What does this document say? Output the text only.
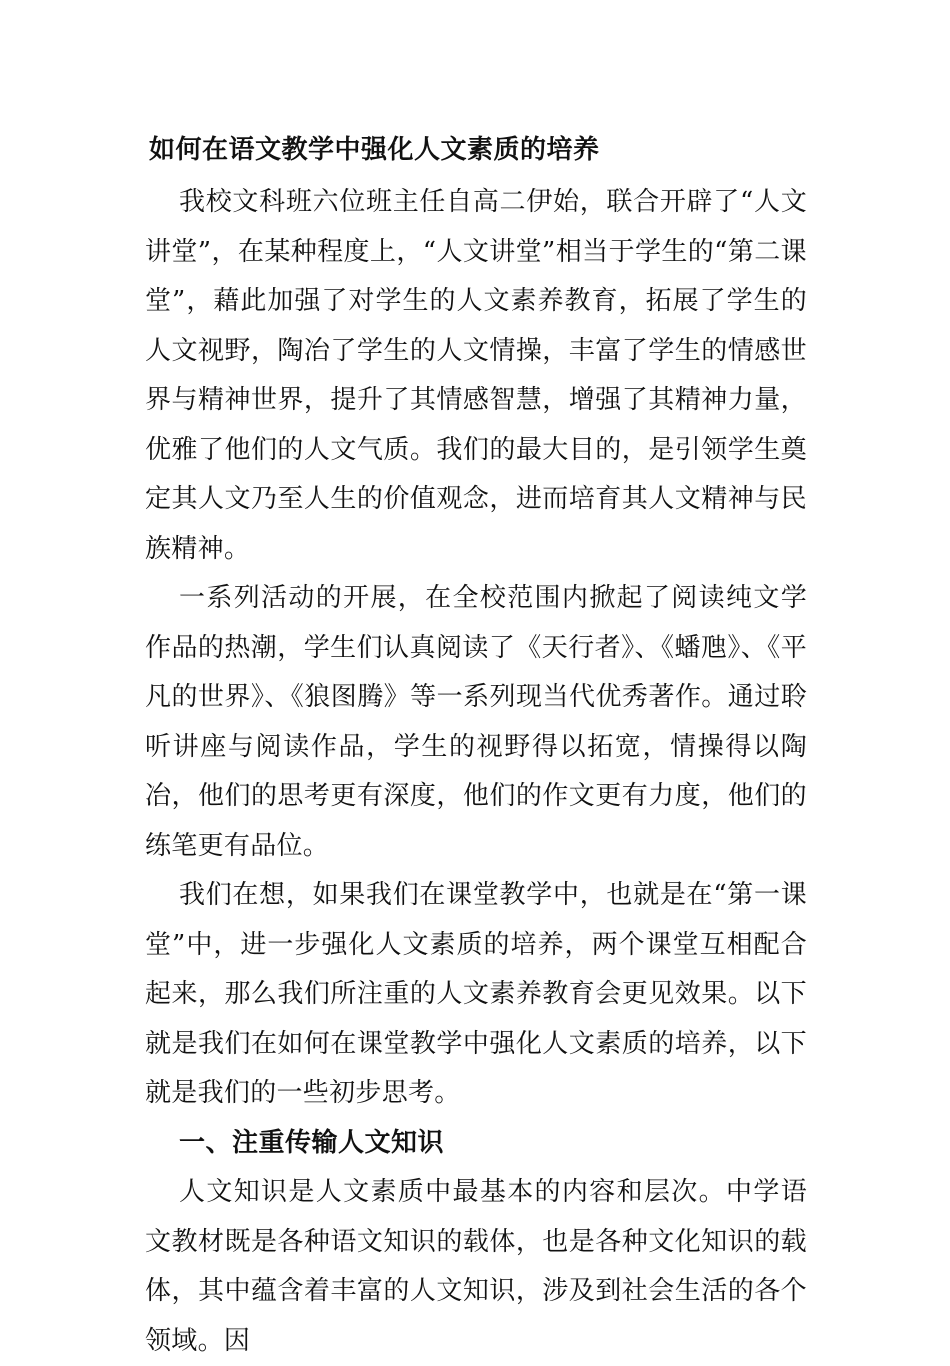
如何在语文教学中强化人文素质的培养

我校文科班六位班主任自高二伊始，联合开辟了“人文讲堂”，在某种程度上，“人文讲堂”相当于学生的“第二课堂”，藉此加强了对学生的人文素养教育，拓展了学生的人文视野，陶冶了学生的人文情操，丰富了学生的情感世界与精神世界，提升了其情感智慧，增强了其精神力量，优雅了他们的人文气质。我们的最大目的，是引领学生奠定其人文乃至人生的价值观念，进而培育其人文精神与民族精神。

一系列活动的开展，在全校范围内掀起了阅读纯文学作品的热潮，学生们认真阅读了《天行者》、《蟠虺》、《平凡的世界》、《狼图腾》等一系列现当代优秀著作。通过聆听讲座与阅读作品，学生的视野得以拓宽，情操得以陶冶，他们的思考更有深度，他们的作文更有力度，他们的练笔更有品位。

我们在想，如果我们在课堂教学中，也就是在“第一课堂”中，进一步强化人文素质的培养，两个课堂互相配合起来，那么我们所注重的人文素养教育会更见效果。以下就是我们在如何在课堂教学中强化人文素质的培养，以下就是我们的一些初步思考。

一、注重传输人文知识

人文知识是人文素质中最基本的内容和层次。中学语文教材既是各种语文知识的载体，也是各种文化知识的载体，其中蕴含着丰富的人文知识，涉及到社会生活的各个领域。因
